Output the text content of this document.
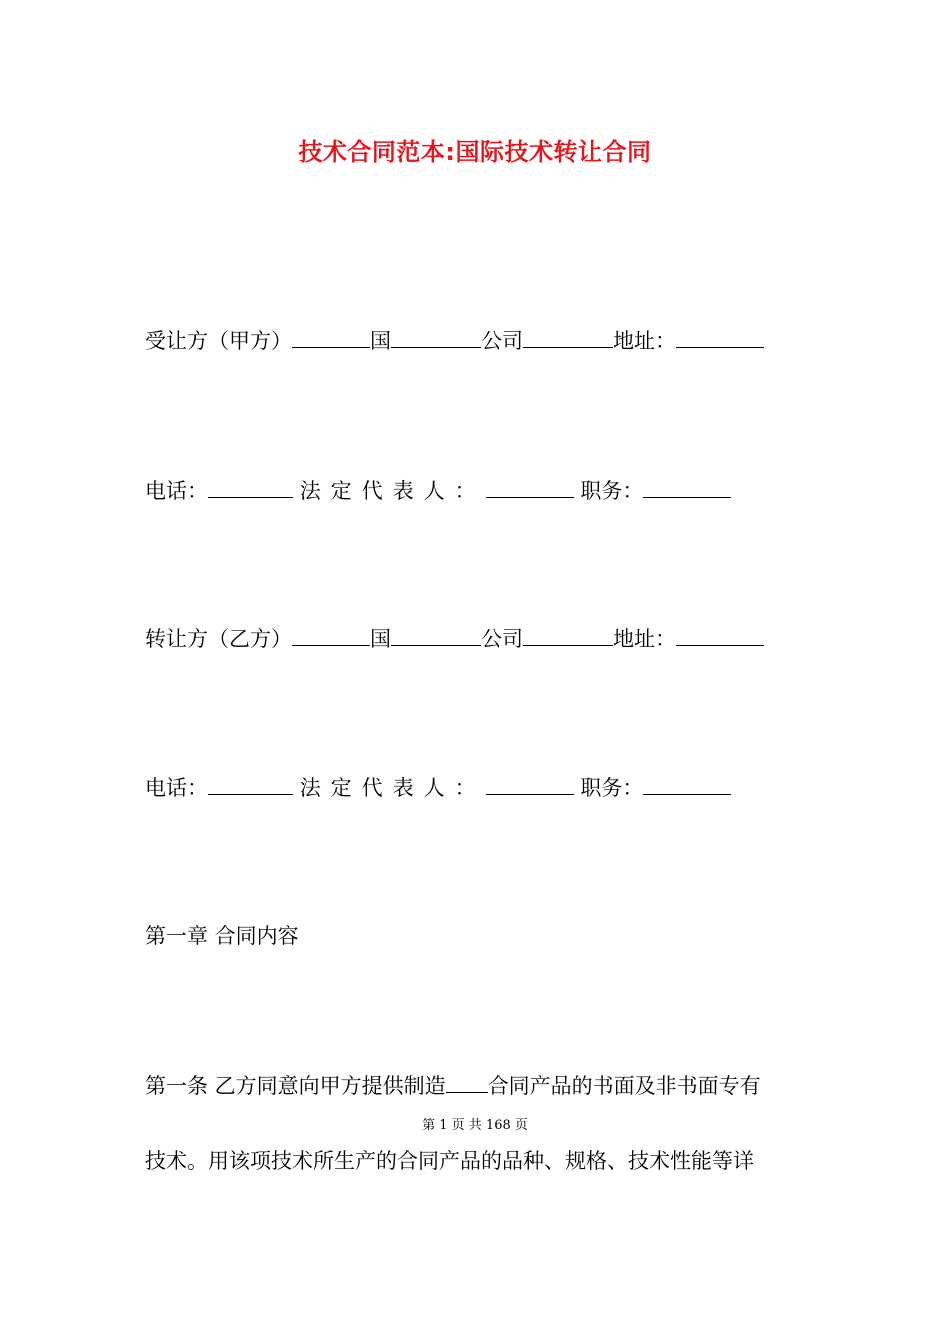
技术合同范本:国际技术转让合同
受让方（甲方）	国	公司	地址：
电话：	法定代表人：	职务：
转让方（乙方）	国	公司	地址：
电话：	法定代表人：	职务：
第一章 合同内容
第一条 乙方同意向甲方提供制造 合同产品的书面及非书面专有
第 1 页 共 168 页
技术。用该项技术所生产的合同产品的品种、规格、技术性能等详
